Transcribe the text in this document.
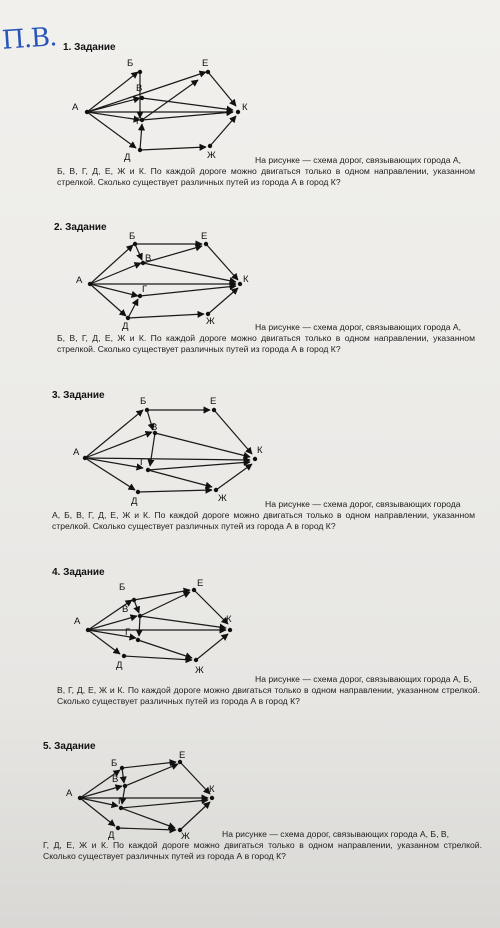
П.В. 1. Задание
А
Б	Е
В
Г
Д	Ж
К
На рисунке — схема дорог, связывающих города А,
Б, В, Г, Д, Е, Ж и К. По каждой дороге можно двигаться только в одном направлении, указанном стрелкой. Сколько существует различных путей из города А в город К?
2. Задание
А
Б	Е
В
Г
Д	Ж
К
На рисунке — схема дорог, связывающих города А,
Б, В, Г, Д, Е, Ж и К. По каждой дороге можно двигаться только в одном направлении, указанном стрелкой. Сколько существует различных путей из города А в город К?
3. Задание
А
Б	Е
В
Г
Д	Ж
К
На рисунке — схема дорог, связывающих города
А, Б, В, Г, Д, Е, Ж и К. По каждой дороге можно двигаться только в одном направлении, указанном стрелкой. Сколько существует различных путей из города А в город К?
4. Задание
А
Б	Е
В
Г
Д	Ж
К
На рисунке — схема дорог, связывающих города А, Б,
В, Г, Д, Е, Ж и К. По каждой дороге можно двигаться только в одном направлении, указанном стрелкой. Сколько существует различных путей из города А в город К?
5. Задание
А
Б
Е
В
Г
Д	Ж
К
На рисунке — схема дорог, связывающих города А, Б, В,
Г, Д, Е, Ж и К. По каждой дороге можно двигаться только в одном направлении, указанном стрелкой. Сколько существует различных путей из города А в город К?
